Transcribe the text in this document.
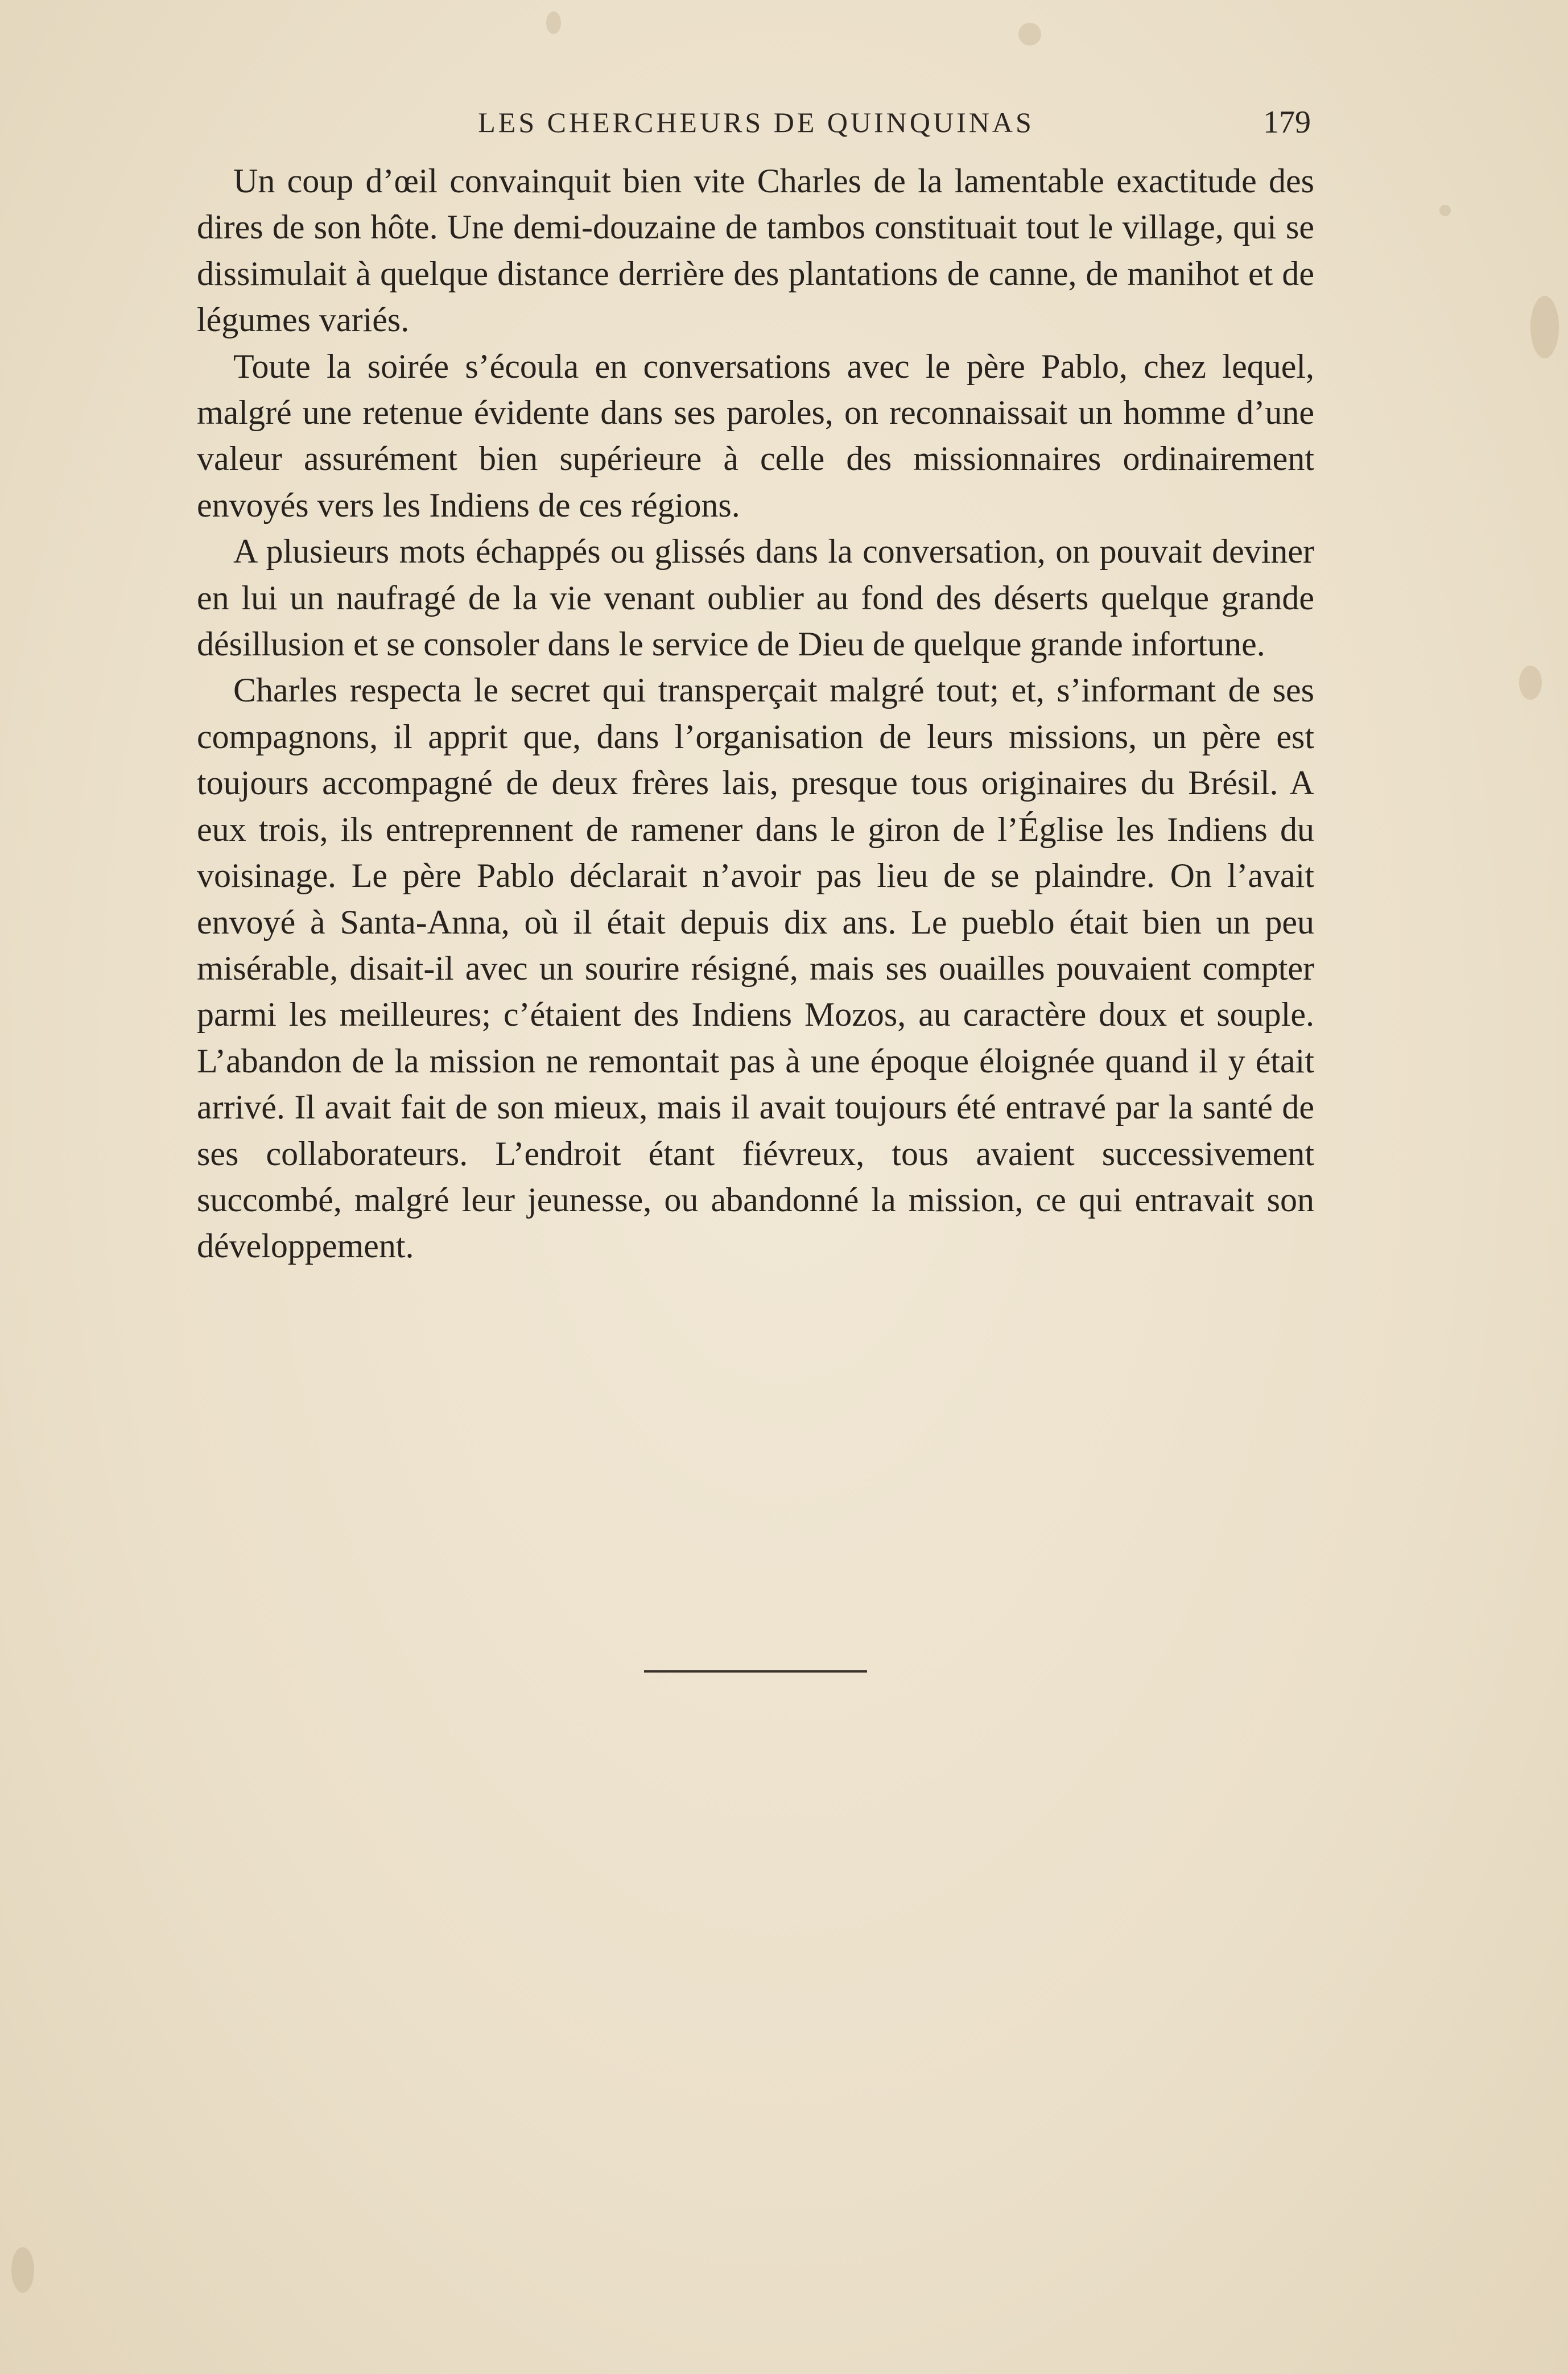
LES CHERCHEURS DE QUINQUINAS	179

Un coup d’œil convainquit bien vite Charles de la lamentable exactitude des dires de son hôte. Une demi-douzaine de tambos constituait tout le village, qui se dissimulait à quelque distance derrière des plantations de canne, de manihot et de légumes variés.

Toute la soirée s’écoula en conversations avec le père Pablo, chez lequel, malgré une retenue évidente dans ses paroles, on reconnaissait un homme d’une valeur assurément bien supérieure à celle des missionnaires ordinairement envoyés vers les Indiens de ces régions.

A plusieurs mots échappés ou glissés dans la conversation, on pouvait deviner en lui un naufragé de la vie venant oublier au fond des déserts quelque grande désillusion et se consoler dans le service de Dieu de quelque grande infortune.

Charles respecta le secret qui transperçait malgré tout; et, s’informant de ses compagnons, il apprit que, dans l’organisation de leurs missions, un père est toujours accompagné de deux frères lais, presque tous originaires du Brésil. A eux trois, ils entreprennent de ramener dans le giron de l’Église les Indiens du voisinage. Le père Pablo déclarait n’avoir pas lieu de se plaindre. On l’avait envoyé à Santa-Anna, où il était depuis dix ans. Le pueblo était bien un peu misérable, disait-il avec un sourire résigné, mais ses ouailles pouvaient compter parmi les meilleures; c’étaient des Indiens Mozos, au caractère doux et souple. L’abandon de la mission ne remontait pas à une époque éloignée quand il y était arrivé. Il avait fait de son mieux, mais il avait toujours été entravé par la santé de ses collaborateurs. L’endroit étant fiévreux, tous avaient successivement succombé, malgré leur jeunesse, ou abandonné la mission, ce qui entravait son développement.
